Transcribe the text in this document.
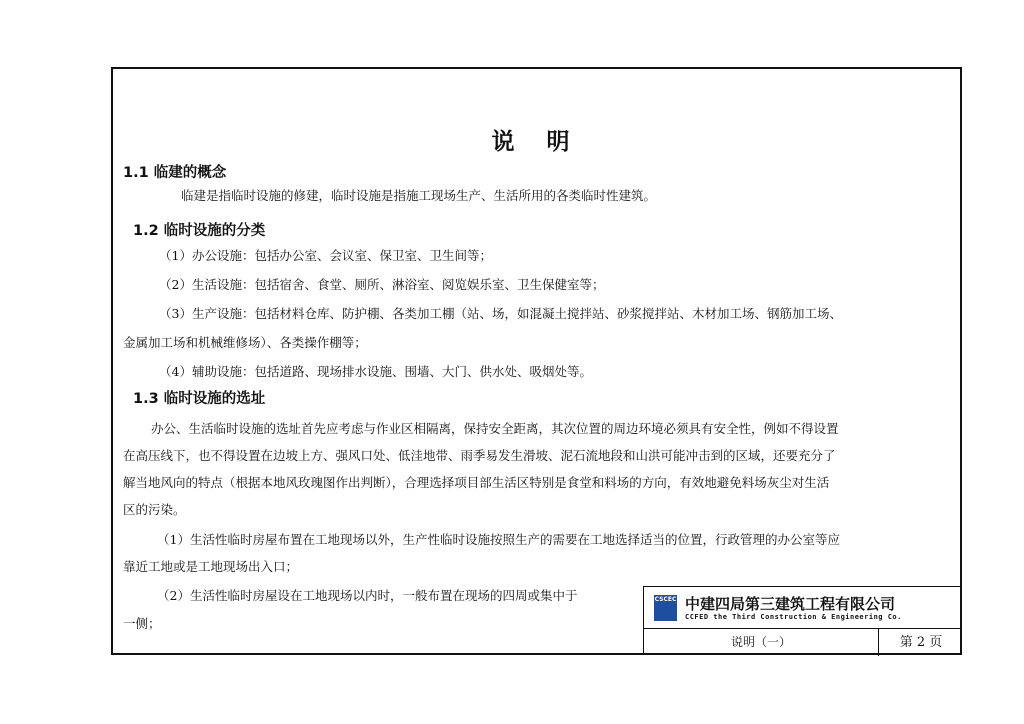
说 明
1.1 临建的概念
临建是指临时设施的修建，临时设施是指施工现场生产、生活所用的各类临时性建筑。
1.2 临时设施的分类
（1）办公设施：包括办公室、会议室、保卫室、卫生间等；
（2）生活设施：包括宿舍、食堂、厕所、淋浴室、阅览娱乐室、卫生保健室等；
（3）生产设施：包括材料仓库、防护棚、各类加工棚（站、场，如混凝土搅拌站、砂浆搅拌站、木材加工场、钢筋加工场、
金属加工场和机械维修场）、各类操作棚等；
（4）辅助设施：包括道路、现场排水设施、围墙、大门、供水处、吸烟处等。
1.3 临时设施的选址
办公、生活临时设施的选址首先应考虑与作业区相隔离，保持安全距离，其次位置的周边环境必须具有安全性，例如不得设置
在高压线下，也不得设置在边坡上方、强风口处、低洼地带、雨季易发生滑坡、泥石流地段和山洪可能冲击到的区域，还要充分了
解当地风向的特点（根据本地风玫瑰图作出判断），合理选择项目部生活区特别是食堂和料场的方向，有效地避免料场灰尘对生活
区的污染。
（1）生活性临时房屋布置在工地现场以外，生产性临时设施按照生产的需要在工地选择适当的位置，行政管理的办公室等应
靠近工地或是工地现场出入口；
（2）生活性临时房屋设在工地现场以内时，一般布置在现场的四周或集中于
一侧；
CSCEC 中建四局第三建筑工程有限公司
CCFED the Third Construction & Engineering Co.
说明（一）	第 2 页
